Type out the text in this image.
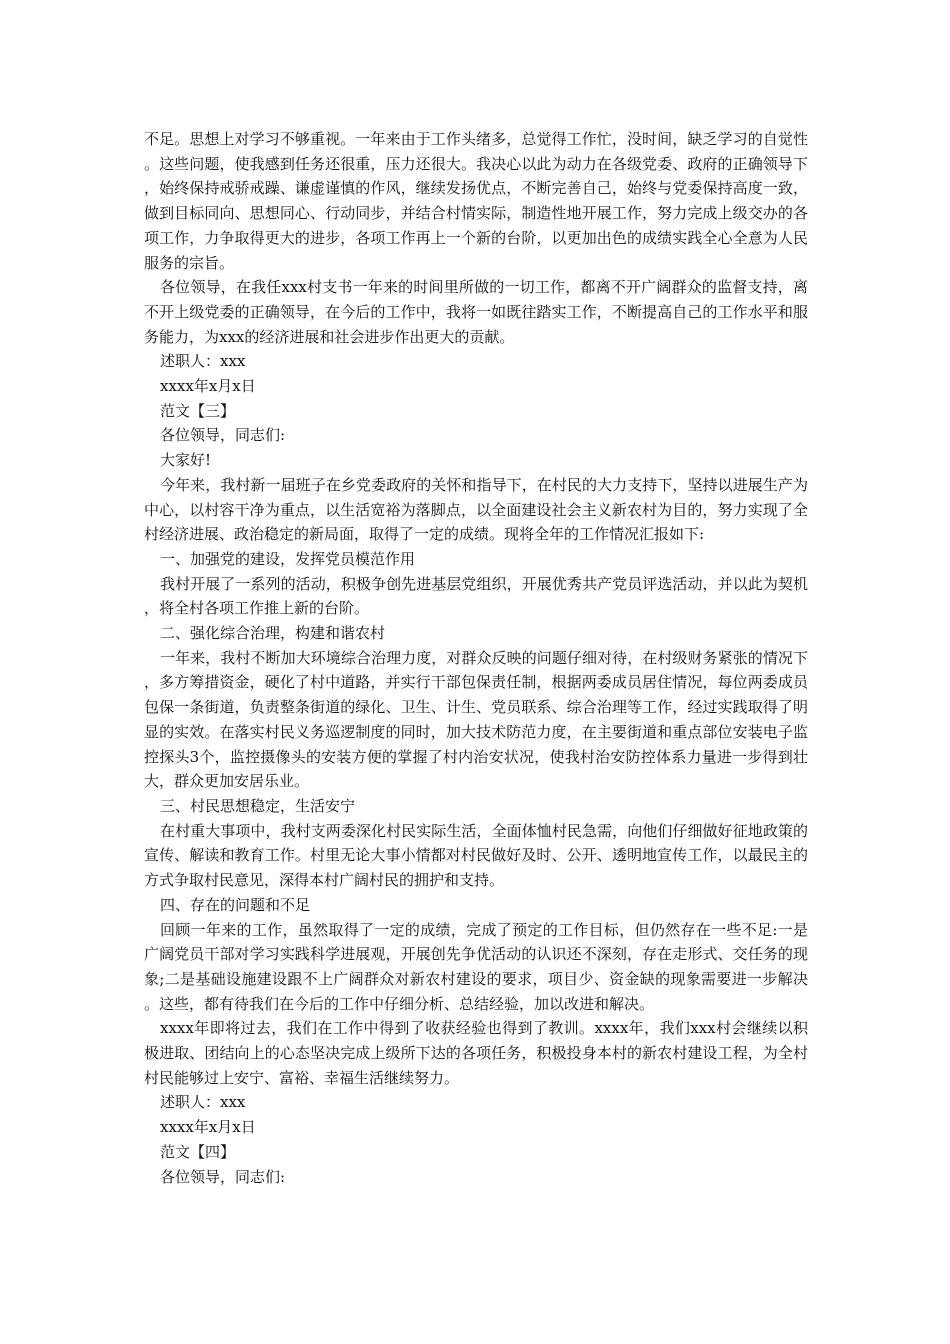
不足。思想上对学习不够重视。一年来由于工作头绪多，总觉得工作忙，没时间，缺乏学习的自觉性。这些问题，使我感到任务还很重，压力还很大。我决心以此为动力在各级党委、政府的正确领导下，始终保持戒骄戒躁、谦虚谨慎的作风，继续发扬优点，不断完善自己，始终与党委保持高度一致，做到目标同向、思想同心、行动同步，并结合村情实际，制造性地开展工作，努力完成上级交办的各项工作，力争取得更大的进步，各项工作再上一个新的台阶，以更加出色的成绩实践全心全意为人民服务的宗旨。

各位领导，在我任xxx村支书一年来的时间里所做的一切工作，都离不开广阔群众的监督支持，离不开上级党委的正确领导，在今后的工作中，我将一如既往踏实工作，不断提高自己的工作水平和服务能力，为xxx的经济进展和社会进步作出更大的贡献。

述职人：xxx

xxxx年x月x日

范文【三】

各位领导，同志们:

大家好!

今年来，我村新一届班子在乡党委政府的关怀和指导下，在村民的大力支持下，坚持以进展生产为中心，以村容干净为重点，以生活宽裕为落脚点，以全面建设社会主义新农村为目的，努力实现了全村经济进展、政治稳定的新局面，取得了一定的成绩。现将全年的工作情况汇报如下:

一、加强党的建设，发挥党员模范作用

我村开展了一系列的活动，积极争创先进基层党组织，开展优秀共产党员评选活动，并以此为契机，将全村各项工作推上新的台阶。

二、强化综合治理，构建和谐农村

一年来，我村不断加大环境综合治理力度，对群众反映的问题仔细对待，在村级财务紧张的情况下，多方筹措资金，硬化了村中道路，并实行干部包保责任制，根据两委成员居住情况，每位两委成员包保一条街道，负责整条街道的绿化、卫生、计生、党员联系、综合治理等工作，经过实践取得了明显的实效。在落实村民义务巡逻制度的同时，加大技术防范力度，在主要街道和重点部位安装电子监控探头3个，监控摄像头的安装方便的掌握了村内治安状况，使我村治安防控体系力量进一步得到壮大，群众更加安居乐业。

三、村民思想稳定，生活安宁

在村重大事项中，我村支两委深化村民实际生活，全面体恤村民急需，向他们仔细做好征地政策的宣传、解读和教育工作。村里无论大事小情都对村民做好及时、公开、透明地宣传工作，以最民主的方式争取村民意见，深得本村广阔村民的拥护和支持。

四、存在的问题和不足

回顾一年来的工作，虽然取得了一定的成绩，完成了预定的工作目标，但仍然存在一些不足:一是广阔党员干部对学习实践科学进展观，开展创先争优活动的认识还不深刻，存在走形式、交任务的现象;二是基础设施建设跟不上广阔群众对新农村建设的要求，项目少、资金缺的现象需要进一步解决。这些，都有待我们在今后的工作中仔细分析、总结经验，加以改进和解决。

xxxx年即将过去，我们在工作中得到了收获经验也得到了教训。xxxx年，我们xxx村会继续以积极进取、团结向上的心态坚决完成上级所下达的各项任务，积极投身本村的新农村建设工程，为全村村民能够过上安宁、富裕、幸福生活继续努力。

述职人：xxx

xxxx年x月x日

范文【四】

各位领导，同志们:
